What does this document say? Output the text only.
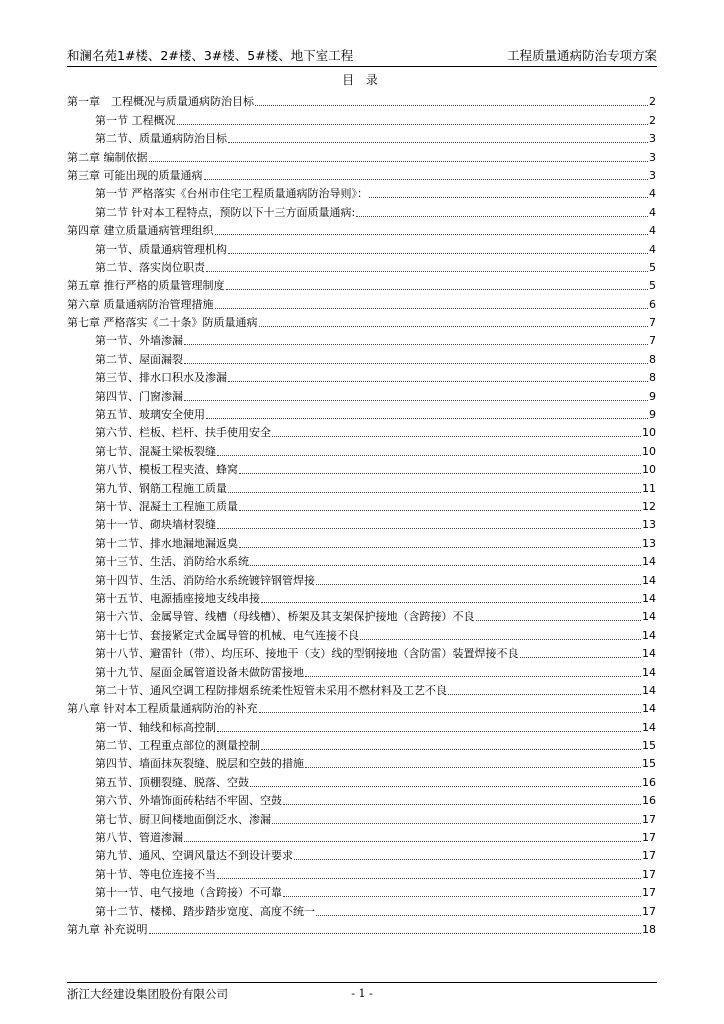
和澜名苑1#楼、2#楼、3#楼、5#楼、地下室工程	工程质量通病防治专项方案
目 录
第一章　工程概况与质量通病防治目标	2
第一节 工程概况	2
第二节、质量通病防治目标	3
第二章 编制依据	3
第三章 可能出现的质量通病	3
第一节 严格落实《台州市住宅工程质量通病防治导则》：	4
第二节 针对本工程特点，预防以下十三方面质量通病:	4
第四章 建立质量通病管理组织	4
第一节、质量通病管理机构	4
第二节、落实岗位职责	5
第五章 推行严格的质量管理制度	5
第六章 质量通病防治管理措施	6
第七章 严格落实《二十条》防质量通病	7
第一节、外墙渗漏	7
第二节、屋面漏裂	8
第三节、排水口积水及渗漏	8
第四节、门窗渗漏	9
第五节、玻璃安全使用	9
第六节、栏板、栏杆、扶手使用安全	10
第七节、混凝土梁板裂缝	10
第八节、模板工程夹渣、蜂窝	10
第九节、钢筋工程施工质量	11
第十节、混凝土工程施工质量	12
第十一节、砌块墙材裂缝	13
第十二节、排水地漏地漏返臭	13
第十三节、生活、消防给水系统	14
第十四节、生活、消防给水系统镀锌钢管焊接	14
第十五节、电源插座接地支线串接	14
第十六节、金属导管、线槽（母线槽）、桥架及其支架保护接地（含跨接）不良	14
第十七节、套接紧定式金属导管的机械、电气连接不良	14
第十八节、避雷针（带）、均压环、接地干（支）线的型钢接地（含防雷）装置焊接不良	14
第十九节、屋面金属管道设备未做防雷接地	14
第二十节、通风空调工程防排烟系统柔性短管未采用不燃材料及工艺不良	14
第八章 针对本工程质量通病防治的补充	14
第一节、轴线和标高控制	14
第二节、工程重点部位的测量控制	15
第四节、墙面抹灰裂缝、脱层和空鼓的措施	15
第五节、顶棚裂缝、脱落、空鼓	16
第六节、外墙饰面砖粘结不牢固、空鼓	16
第七节、厨卫间楼地面倒泛水、渗漏	17
第八节、管道渗漏	17
第九节、通风、空调风量达不到设计要求	17
第十节、等电位连接不当	17
第十一节、电气接地（含跨接）不可靠	17
第十二节、楼梯、踏步踏步宽度、高度不统一	17
第九章 补充说明	18
浙江大经建设集团股份有限公司	- 1 -
